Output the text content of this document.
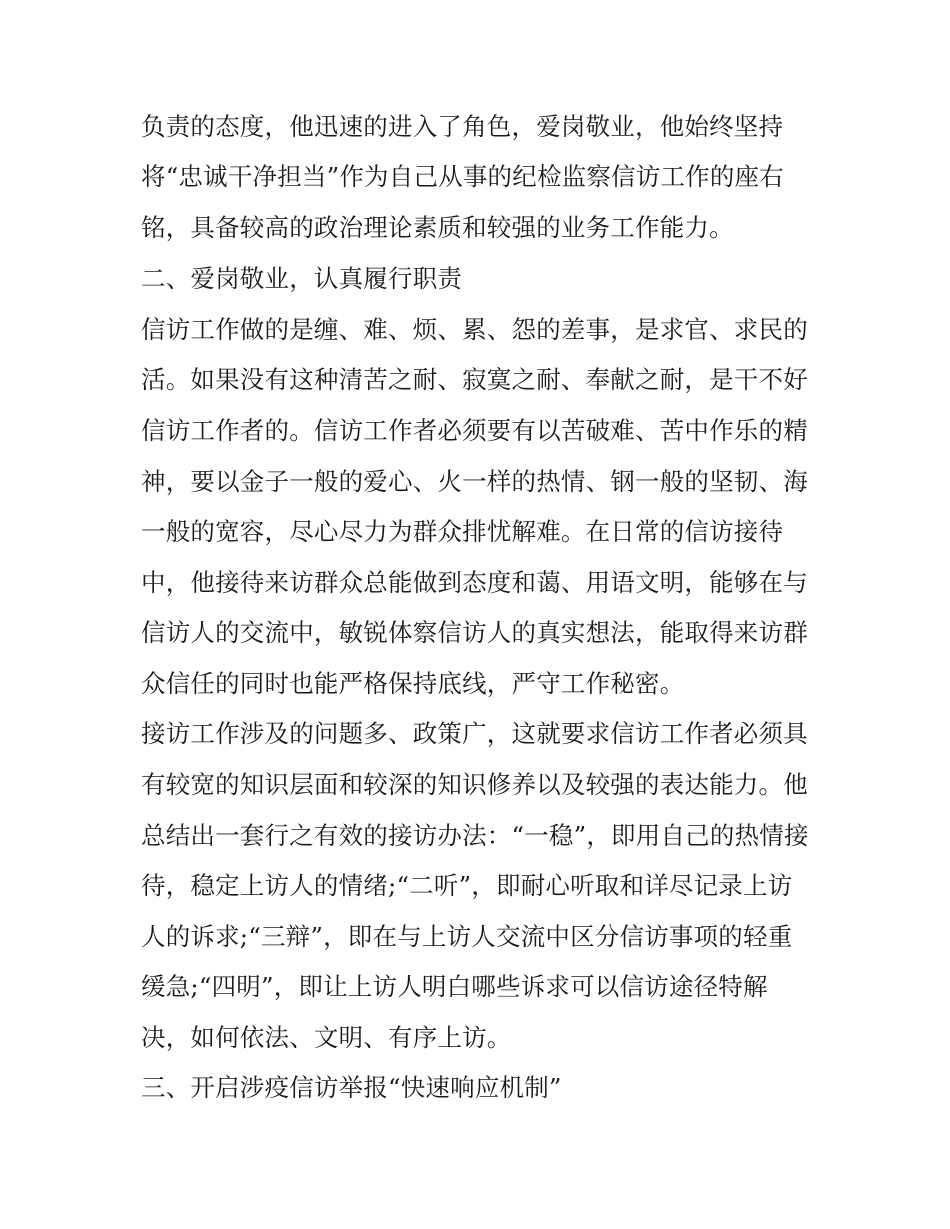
负责的态度，他迅速的进入了角色，爱岗敬业，他始终坚持
将“忠诚干净担当”作为自己从事的纪检监察信访工作的座右
铭，具备较高的政治理论素质和较强的业务工作能力。
二、爱岗敬业，认真履行职责
信访工作做的是缠、难、烦、累、怨的差事，是求官、求民的
活。如果没有这种清苦之耐、寂寞之耐、奉献之耐，是干不好
信访工作者的。信访工作者必须要有以苦破难、苦中作乐的精
神，要以金子一般的爱心、火一样的热情、钢一般的坚韧、海
一般的宽容，尽心尽力为群众排忧解难。在日常的信访接待
中，他接待来访群众总能做到态度和蔼、用语文明，能够在与
信访人的交流中，敏锐体察信访人的真实想法，能取得来访群
众信任的同时也能严格保持底线，严守工作秘密。
接访工作涉及的问题多、政策广，这就要求信访工作者必须具
有较宽的知识层面和较深的知识修养以及较强的表达能力。他
总结出一套行之有效的接访办法：“一稳”，即用自己的热情接
待，稳定上访人的情绪;“二听”，即耐心听取和详尽记录上访
人的诉求;“三辩”，即在与上访人交流中区分信访事项的轻重
缓急;“四明”，即让上访人明白哪些诉求可以信访途径特解
决，如何依法、文明、有序上访。
三、开启涉疫信访举报“快速响应机制”
